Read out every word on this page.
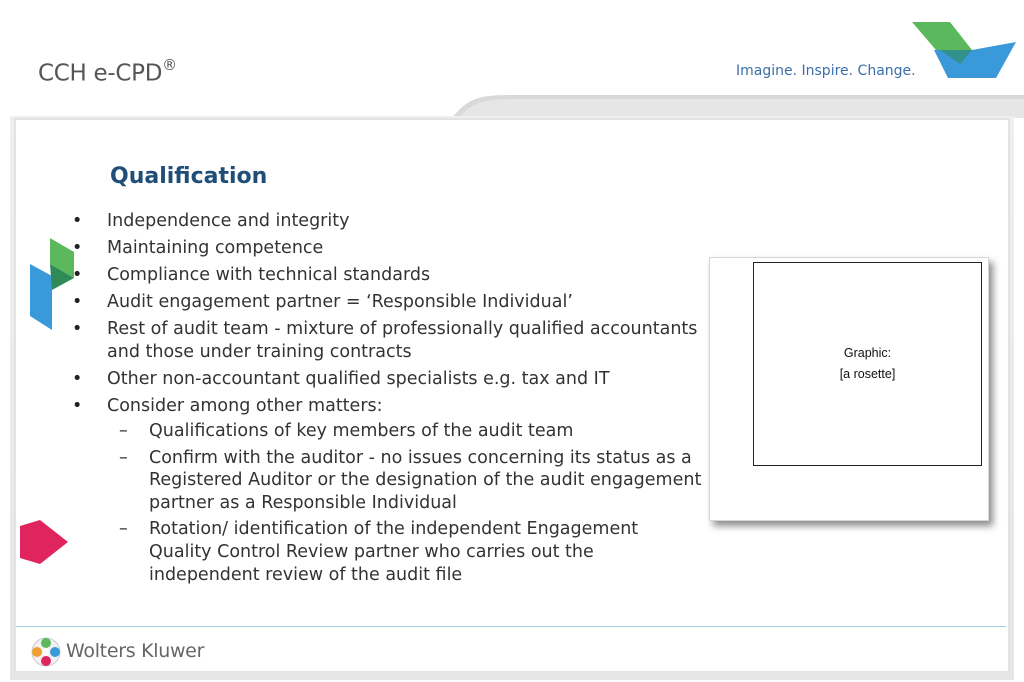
CCH e-CPD®	Imagine. Inspire. Change.
Qualification
• Independence and integrity
• Maintaining competence
• Compliance with technical standards
• Audit engagement partner = ‘Responsible Individual’
• Rest of audit team - mixture of professionally qualified accountants and those under training contracts
• Other non-accountant qualified specialists e.g. tax and IT
• Consider among other matters:
– Qualifications of key members of the audit team
– Confirm with the auditor - no issues concerning its status as a Registered Auditor or the designation of the audit engagement partner as a Responsible Individual
– Rotation/ identification of the independent Engagement Quality Control Review partner who carries out the independent review of the audit file
Graphic:
[a rosette]
Wolters Kluwer
